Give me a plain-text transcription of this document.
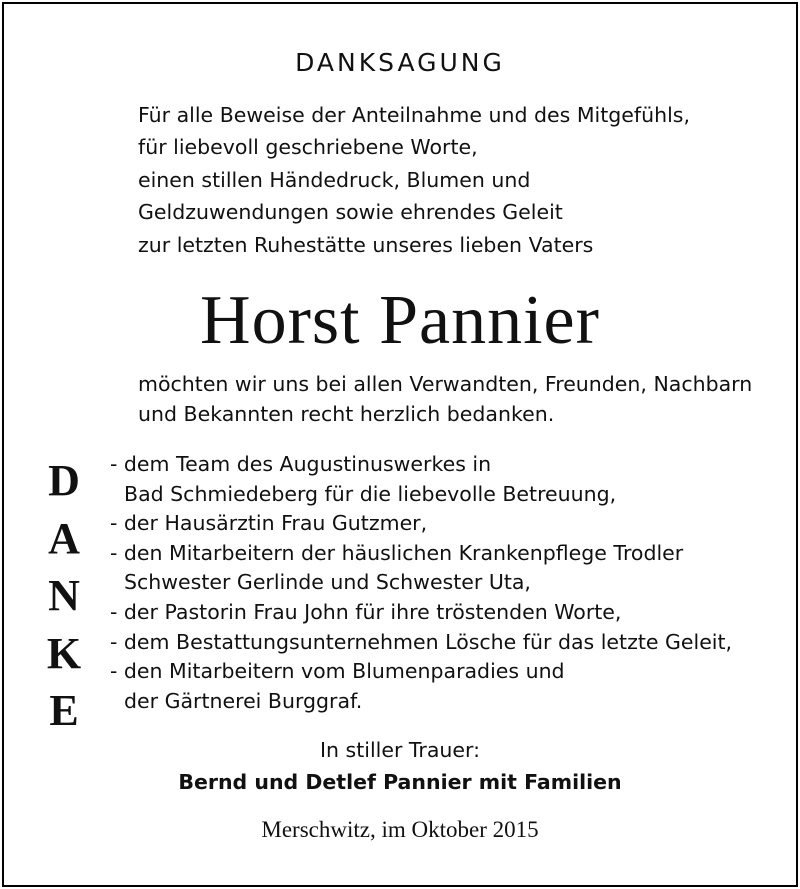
DANKSAGUNG
Für alle Beweise der Anteilnahme und des Mitgefühls,
für liebevoll geschriebene Worte,
einen stillen Händedruck, Blumen und
Geldzuwendungen sowie ehrendes Geleit
zur letzten Ruhestätte unseres lieben Vaters
Horst Pannier
möchten wir uns bei allen Verwandten, Freunden, Nachbarn
und Bekannten recht herzlich bedanken.
D
A
N
K
E
- dem Team des Augustinuswerkes in
Bad Schmiedeberg für die liebevolle Betreuung,
- der Hausärztin Frau Gutzmer,
- den Mitarbeitern der häuslichen Krankenpflege Trodler
Schwester Gerlinde und Schwester Uta,
- der Pastorin Frau John für ihre tröstenden Worte,
- dem Bestattungsunternehmen Lösche für das letzte Geleit,
- den Mitarbeitern vom Blumenparadies und
der Gärtnerei Burggraf.
In stiller Trauer:
Bernd und Detlef Pannier mit Familien
Merschwitz, im Oktober 2015
